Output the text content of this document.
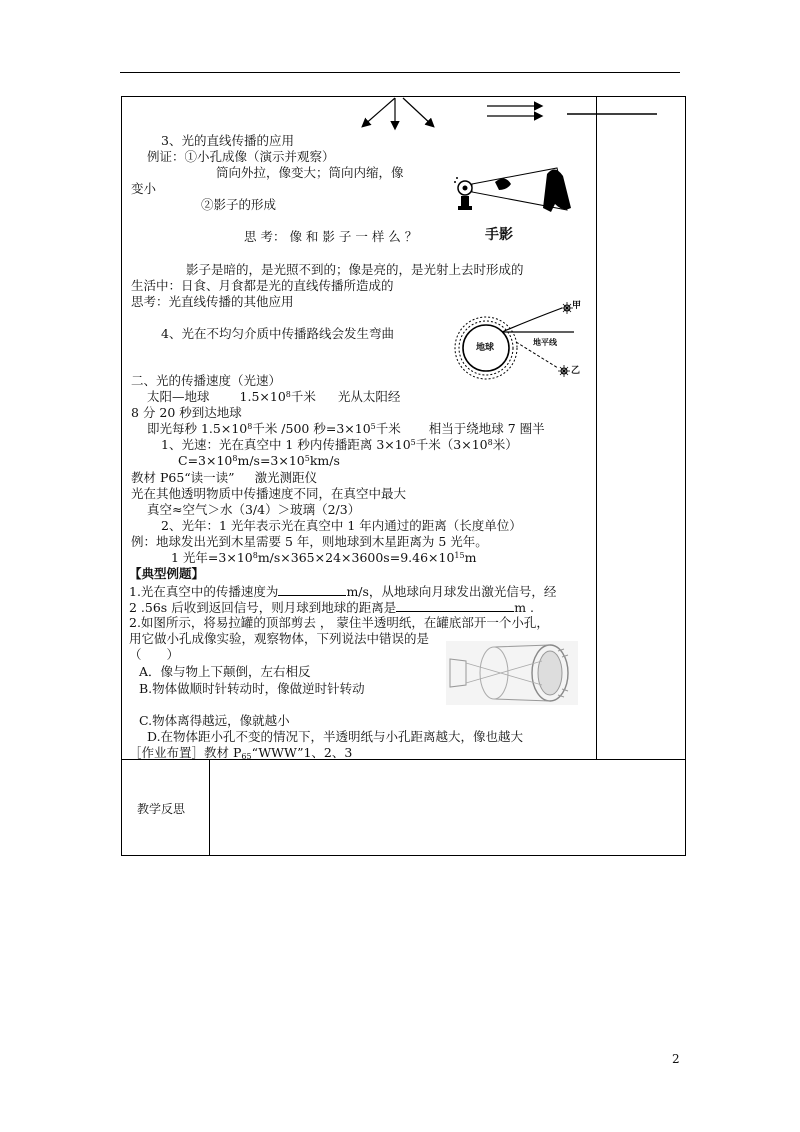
3、光的直线传播的应用
例证：①小孔成像（演示并观察）
筒向外拉，像变大；筒向内缩，像
变小
②影子的形成
思 考： 像 和 影 子 一 样 么 ？	手影
影子是暗的，是光照不到的；像是亮的，是光射上去时形成的
生活中：日食、月食都是光的直线传播所造成的
思考：光直线传播的其他应用
4、光在不均匀介质中传播路线会发生弯曲
甲
乙
地球
地平线
二、光的传播速度（光速）
太阳—地球 $1.5\times 10^8$千米 光从太阳经
8 分 20 秒到达地球
即光每秒 $1.5\times 10^8$千米 /500 秒$=3\times 10^5$千米 相当于绕地球 7 圈半
1、光速：光在真空中 1 秒内传播距离 $3\times 10^5$千米（$3\times 10^8$米）
$C=3\times 10^8m/s=3\times 10^5km/s$
教材 P65“读一读” 激光测距仪
光在其他透明物质中传播速度不同，在真空中最大
真空≈空气＞水（3/4）＞玻璃（2/3）
2、光年：1 光年表示光在真空中 1 年内通过的距离（长度单位）
例：地球发出光到木星需要 5 年，则地球到木星距离为 5 光年。
1 光年$=3\times 10^8m/s\times 365\times 24\times 3600s=9.46\times 10^{15}m$
【典型例题】
1.光在真空中的传播速度为	m/s，从地球向月球发出激光信号，经
2 .56s 后收到返回信号，则月球到地球的距离是	m .
2.如图所示，将易拉罐的顶部剪去 ， 蒙住半透明纸，在罐底部开一个小孔，
用它做小孔成像实验，观察物体，下列说法中错误的是
（　　）
A．像与物上下颠倒，左右相反
B.物体做顺时针转动时，像做逆时针转动
C.物体离得越远，像就越小
D.在物体距小孔不变的情况下，半透明纸与小孔距离越大，像也越大
［作业布置］教材 $P_{65}“WWW”1$、2、3
教学反思
2
